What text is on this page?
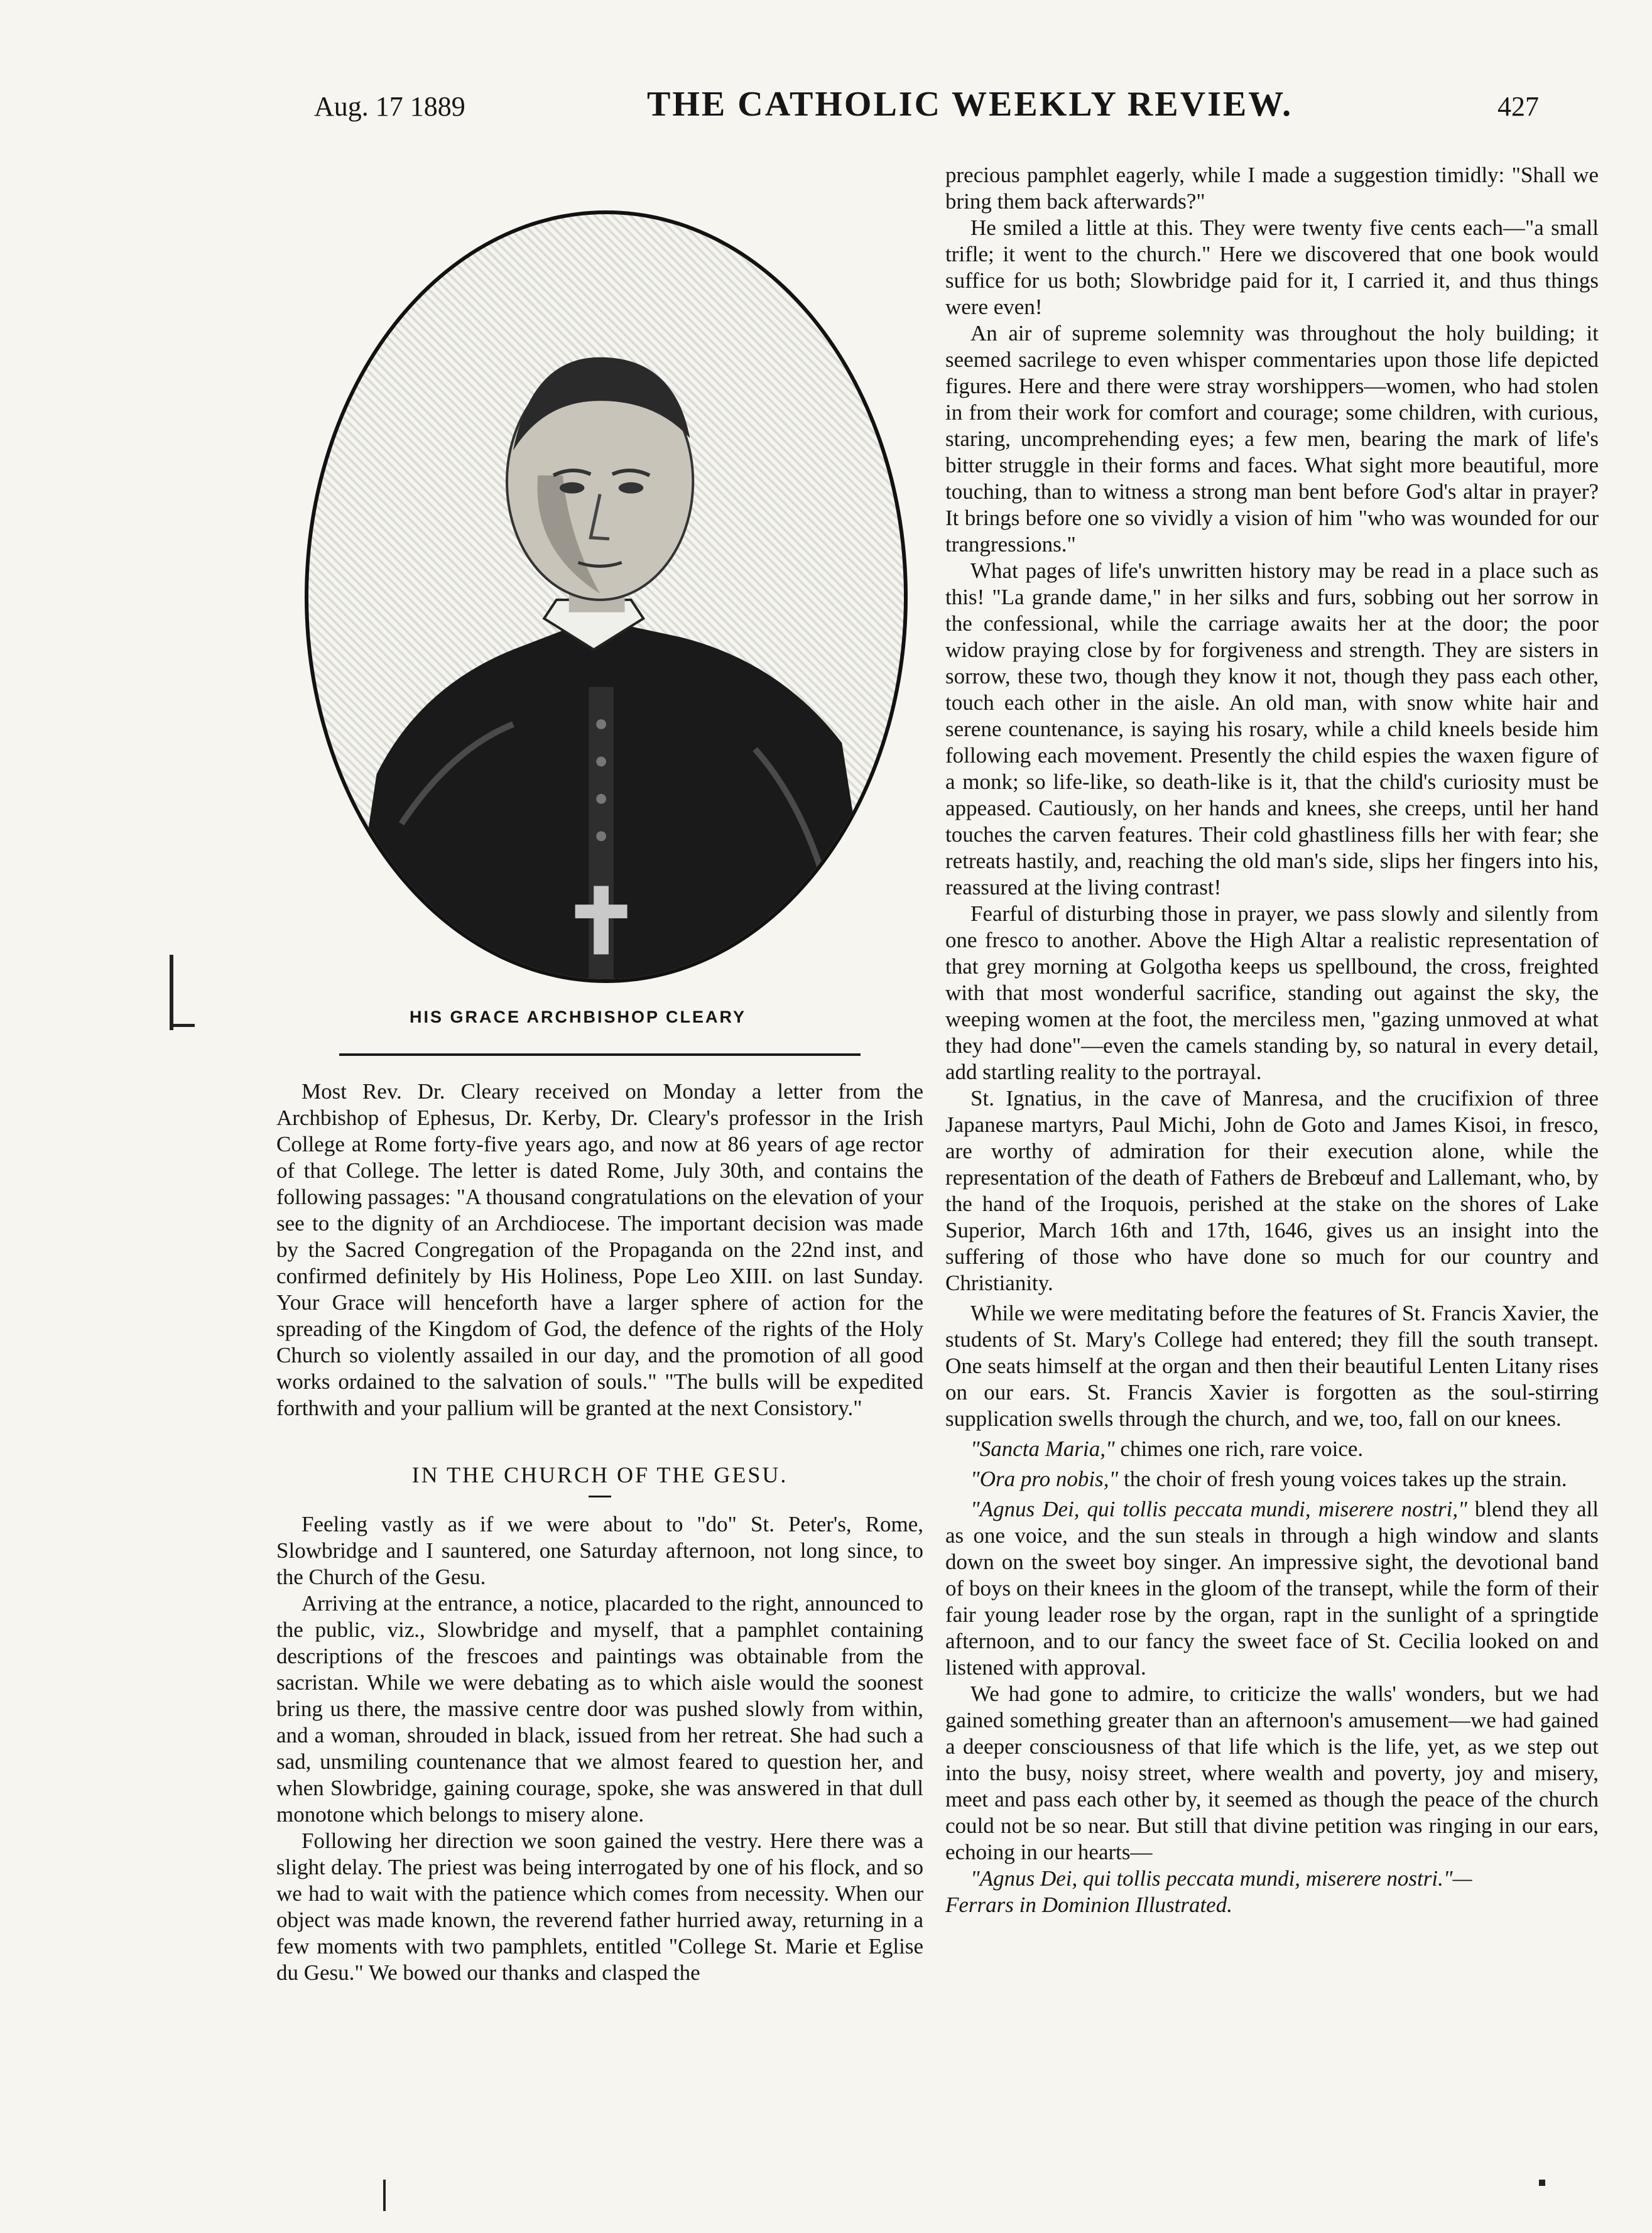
Aug. 17 1889	THE CATHOLIC WEEKLY REVIEW.	427
HIS GRACE ARCHBISHOP CLEARY

Most Rev. Dr. Cleary received on Monday a letter from the Archbishop of Ephesus, Dr. Kerby, Dr. Cleary's professor in the Irish College at Rome forty-five years ago, and now at 86 years of age rector of that College. The letter is dated Rome, July 30th, and contains the following passages: "A thousand congratulations on the elevation of your see to the dignity of an Archdiocese. The important decision was made by the Sacred Congregation of the Propaganda on the 22nd inst, and confirmed definitely by His Holiness, Pope Leo XIII. on last Sunday. Your Grace will henceforth have a larger sphere of action for the spreading of the Kingdom of God, the defence of the rights of the Holy Church so violently assailed in our day, and the promotion of all good works ordained to the salvation of souls." "The bulls will be expedited forthwith and your pallium will be granted at the next Consistory."

IN THE CHURCH OF THE GESU.

Feeling vastly as if we were about to "do" St. Peter's, Rome, Slowbridge and I sauntered, one Saturday afternoon, not long since, to the Church of the Gesu.

Arriving at the entrance, a notice, placarded to the right, announced to the public, viz., Slowbridge and myself, that a pamphlet containing descriptions of the frescoes and paintings was obtainable from the sacristan. While we were debating as to which aisle would the soonest bring us there, the massive centre door was pushed slowly from within, and a woman, shrouded in black, issued from her retreat. She had such a sad, unsmiling countenance that we almost feared to question her, and when Slowbridge, gaining courage, spoke, she was answered in that dull monotone which belongs to misery alone.

Following her direction we soon gained the vestry. Here there was a slight delay. The priest was being interrogated by one of his flock, and so we had to wait with the patience which comes from necessity. When our object was made known, the reverend father hurried away, returning in a few moments with two pamphlets, entitled "College St. Marie et Eglise du Gesu." We bowed our thanks and clasped the

precious pamphlet eagerly, while I made a suggestion timidly: "Shall we bring them back afterwards?"

He smiled a little at this. They were twenty five cents each—"a small trifle; it went to the church." Here we discovered that one book would suffice for us both; Slowbridge paid for it, I carried it, and thus things were even!

An air of supreme solemnity was throughout the holy building; it seemed sacrilege to even whisper commentaries upon those life depicted figures. Here and there were stray worshippers—women, who had stolen in from their work for comfort and courage; some children, with curious, staring, uncomprehending eyes; a few men, bearing the mark of life's bitter struggle in their forms and faces. What sight more beautiful, more touching, than to witness a strong man bent before God's altar in prayer? It brings before one so vividly a vision of him "who was wounded for our trangressions."

What pages of life's unwritten history may be read in a place such as this! "La grande dame," in her silks and furs, sobbing out her sorrow in the confessional, while the carriage awaits her at the door; the poor widow praying close by for forgiveness and strength. They are sisters in sorrow, these two, though they know it not, though they pass each other, touch each other in the aisle. An old man, with snow white hair and serene countenance, is saying his rosary, while a child kneels beside him following each movement. Presently the child espies the waxen figure of a monk; so life-like, so death-like is it, that the child's curiosity must be appeased. Cautiously, on her hands and knees, she creeps, until her hand touches the carven features. Their cold ghastliness fills her with fear; she retreats hastily, and, reaching the old man's side, slips her fingers into his, reassured at the living contrast!

Fearful of disturbing those in prayer, we pass slowly and silently from one fresco to another. Above the High Altar a realistic representation of that grey morning at Golgotha keeps us spellbound, the cross, freighted with that most wonderful sacrifice, standing out against the sky, the weeping women at the foot, the merciless men, "gazing unmoved at what they had done"—even the camels standing by, so natural in every detail, add startling reality to the portrayal.

St. Ignatius, in the cave of Manresa, and the crucifixion of three Japanese martyrs, Paul Michi, John de Goto and James Kisoi, in fresco, are worthy of admiration for their execution alone, while the representation of the death of Fathers de Brebœuf and Lallemant, who, by the hand of the Iroquois, perished at the stake on the shores of Lake Superior, March 16th and 17th, 1646, gives us an insight into the suffering of those who have done so much for our country and Christianity.

While we were meditating before the features of St. Francis Xavier, the students of St. Mary's College had entered; they fill the south transept. One seats himself at the organ and then their beautiful Lenten Litany rises on our ears. St. Francis Xavier is forgotten as the soul-stirring supplication swells through the church, and we, too, fall on our knees.

"Sancta Maria," chimes one rich, rare voice.

"Ora pro nobis," the choir of fresh young voices takes up the strain.

"Agnus Dei, qui tollis peccata mundi, miserere nostri," blend they all as one voice, and the sun steals in through a high window and slants down on the sweet boy singer. An impressive sight, the devotional band of boys on their knees in the gloom of the transept, while the form of their fair young leader rose by the organ, rapt in the sunlight of a springtide afternoon, and to our fancy the sweet face of St. Cecilia looked on and listened with approval.

We had gone to admire, to criticize the walls' wonders, but we had gained something greater than an afternoon's amusement—we had gained a deeper consciousness of that life which is the life, yet, as we step out into the busy, noisy street, where wealth and poverty, joy and misery, meet and pass each other by, it seemed as though the peace of the church could not be so near. But still that divine petition was ringing in our ears, echoing in our hearts—

"Agnus Dei, qui tollis peccata mundi, miserere nostri."—

Ferrars in Dominion Illustrated.
